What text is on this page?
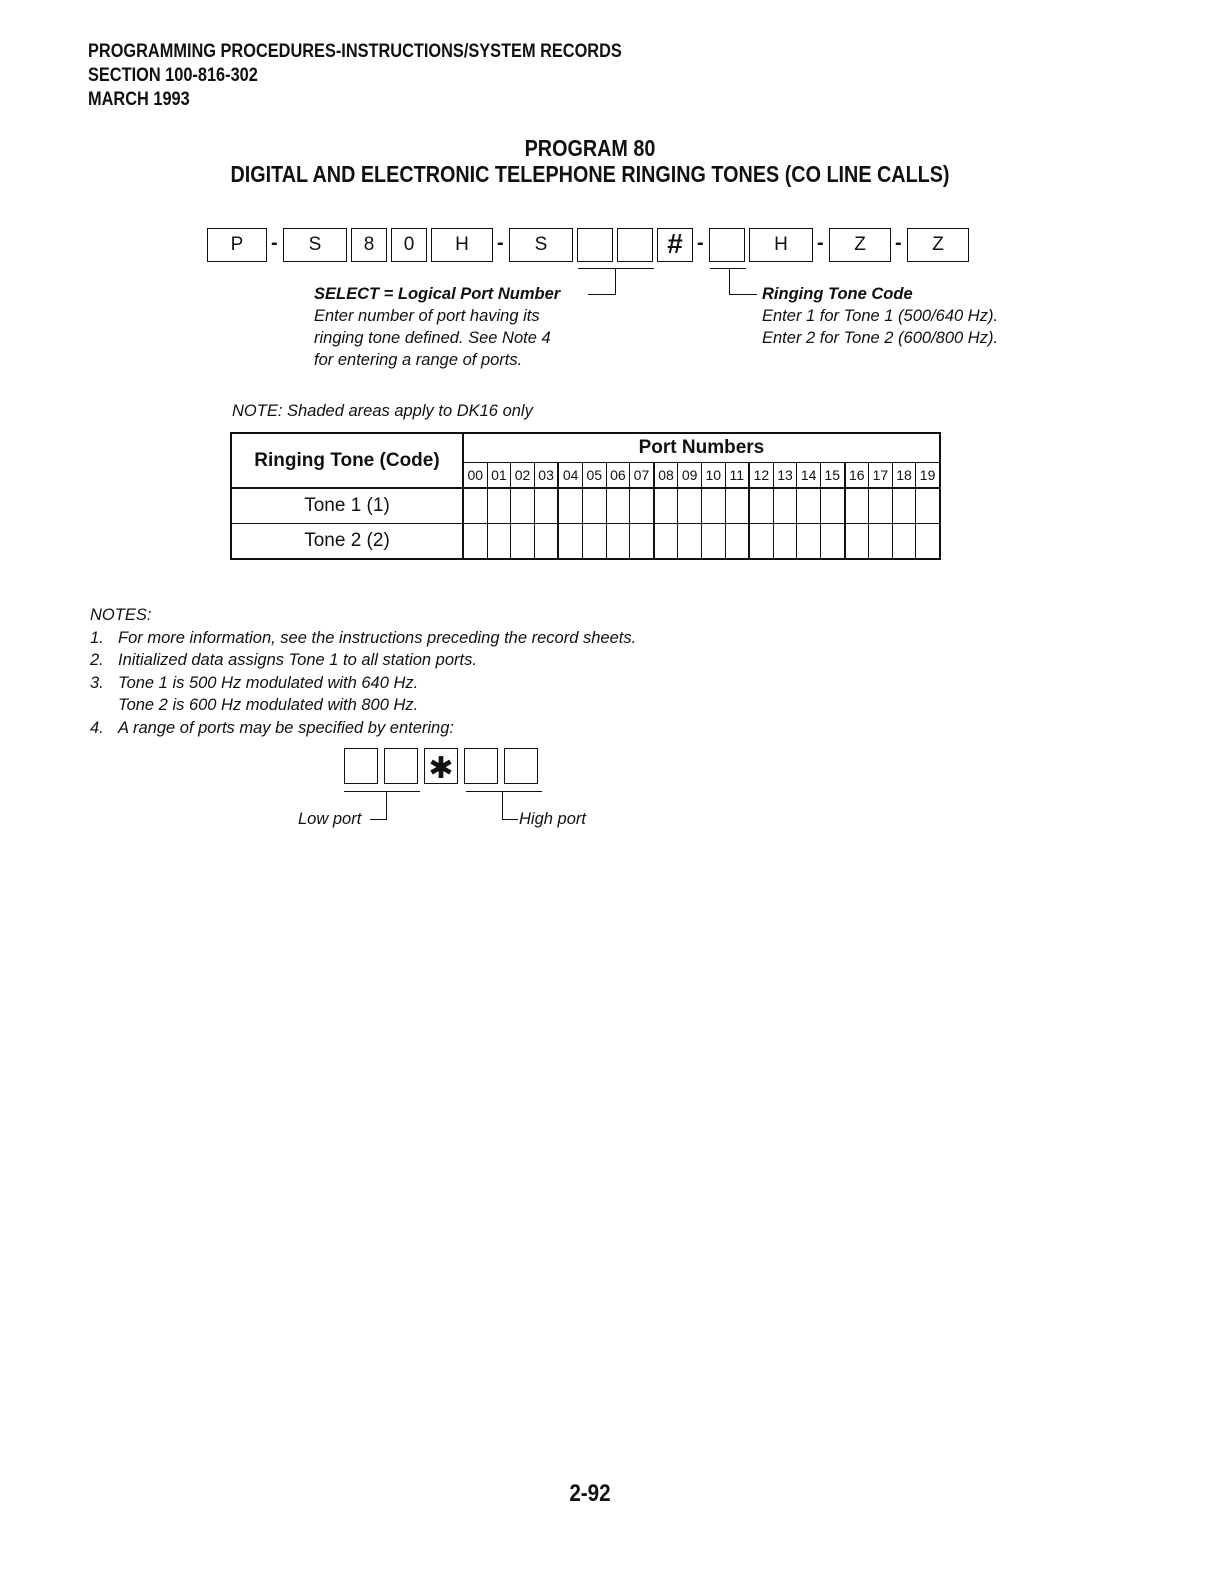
PROGRAMMING PROCEDURES-INSTRUCTIONS/SYSTEM RECORDS
SECTION 100-816-302
MARCH 1993
PROGRAM 80
DIGITAL AND ELECTRONIC TELEPHONE RINGING TONES (CO LINE CALLS)
P	-	S	8	0	H	-	S	# -	H	-	Z	-	Z
SELECT = Logical Port Number
Enter number of port having its
ringing tone defined. See Note 4
for entering a range of ports.
Ringing Tone Code
Enter 1 for Tone 1 (500/640 Hz).
Enter 2 for Tone 2 (600/800 Hz).
NOTE: Shaded areas apply to DK16 only
Ringing Tone (Code)	Port Numbers																			
	00	01	02	03	04	05	06	07	08	09	10	11	12	13	14	15	16	17	18	19
Tone 1 (1)																				
Tone 2 (2)																				
NOTES:
1. For more information, see the instructions preceding the record sheets.
2. Initialized data assigns Tone 1 to all station ports.
3. Tone 1 is 500 Hz modulated with 640 Hz.
Tone 2 is 600 Hz modulated with 800 Hz.
4. A range of ports may be specified by entering:
✱
Low port	High port
2-92
